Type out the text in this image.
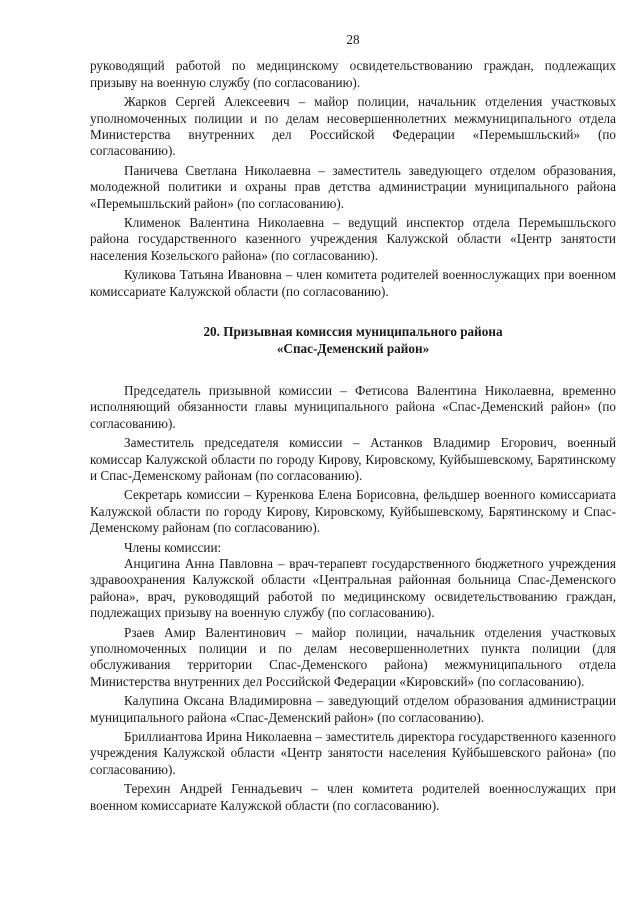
28

руководящий работой по медицинскому освидетельствованию граждан, подлежащих призыву на военную службу (по согласованию).

Жарков Сергей Алексеевич – майор полиции, начальник отделения участковых уполномоченных полиции и по делам несовершеннолетних межмуниципального отдела Министерства внутренних дел Российской Федерации «Перемышльский» (по согласованию).

Паничева Светлана Николаевна – заместитель заведующего отделом образования, молодежной политики и охраны прав детства администрации муниципального района «Перемышльский район» (по согласованию).

Клименок Валентина Николаевна – ведущий инспектор отдела Перемышльского района государственного казенного учреждения Калужской области «Центр занятости населения Козельского района» (по согласованию).

Куликова Татьяна Ивановна – член комитета родителей военнослужащих при военном комиссариате Калужской области (по согласованию).

20. Призывная комиссия муниципального района
«Спас-Деменский район»

Председатель призывной комиссии – Фетисова Валентина Николаевна, временно исполняющий обязанности главы муниципального района «Спас-Деменский район» (по согласованию).

Заместитель председателя комиссии – Астанков Владимир Егорович, военный комиссар Калужской области по городу Кирову, Кировскому, Куйбышевскому, Барятинскому и Спас-Деменскому районам (по согласованию).

Секретарь комиссии – Куренкова Елена Борисовна, фельдшер военного комиссариата Калужской области по городу Кирову, Кировскому, Куйбышевскому, Барятинскому и Спас-Деменскому районам (по согласованию).

Члены комиссии:

Анцигина Анна Павловна – врач-терапевт государственного бюджетного учреждения здравоохранения Калужской области «Центральная районная больница Спас-Деменского района», врач, руководящий работой по медицинскому освидетельствованию граждан, подлежащих призыву на военную службу (по согласованию).

Рзаев Амир Валентинович – майор полиции, начальник отделения участковых уполномоченных полиции и по делам несовершеннолетних пункта полиции (для обслуживания территории Спас-Деменского района) межмуниципального отдела Министерства внутренних дел Российской Федерации «Кировский» (по согласованию).

Калупина Оксана Владимировна – заведующий отделом образования администрации муниципального района «Спас-Деменский район» (по согласованию).

Бриллиантова Ирина Николаевна – заместитель директора государственного казенного учреждения Калужской области «Центр занятости населения Куйбышевского района» (по согласованию).

Терехин Андрей Геннадьевич – член комитета родителей военнослужащих при военном комиссариате Калужской области (по согласованию).
